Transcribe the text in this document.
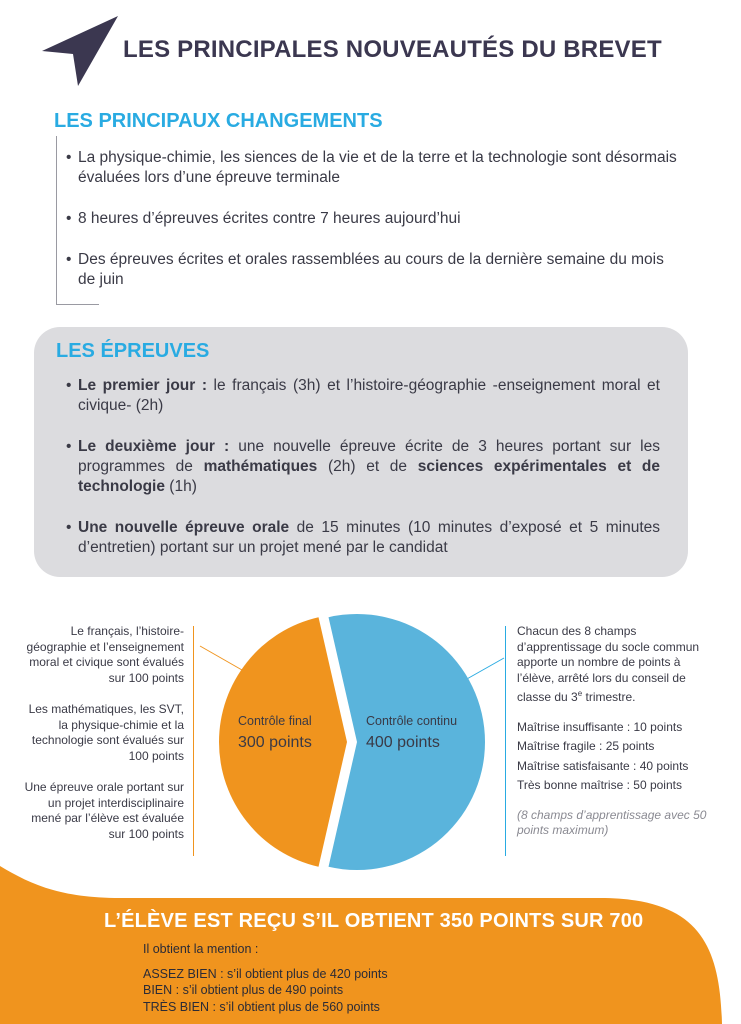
LES PRINCIPALES NOUVEAUTÉS DU BREVET
LES PRINCIPAUX CHANGEMENTS
• La physique-chimie, les siences de la vie et de la terre et la technologie sont désormais évaluées lors d’une épreuve terminale
• 8 heures d’épreuves écrites contre 7 heures aujourd’hui
• Des épreuves écrites et orales rassemblées au cours de la dernière semaine du mois de juin
LES ÉPREUVES
• Le premier jour : le français (3h) et l’histoire-géographie -enseignement moral et civique- (2h)
• Le deuxième jour : une nouvelle épreuve écrite de 3 heures portant sur les programmes de mathématiques (2h) et de sciences expérimentales et de technologie (1h)
• Une nouvelle épreuve orale de 15 minutes (10 minutes d’exposé et 5 minutes d’entretien) portant sur un projet mené par le candidat

Le français, l’histoire-géographie et l’enseignement moral et civique sont évalués sur 100 points

Les mathématiques, les SVT, la physique-chimie et la technologie sont évalués sur 100 points

Une épreuve orale portant sur un projet interdisciplinaire mené par l’élève est évaluée sur 100 points

Contrôle final
300 points
Contrôle continu
400 points

Chacun des 8 champs d’apprentissage du socle commun apporte un nombre de points à l’élève, arrêté lors du conseil de classe du 3e trimestre.

Maîtrise insuffisante : 10 points

Maîtrise fragile : 25 points

Maîtrise satisfaisante : 40 points

Très bonne maîtrise : 50 points

(8 champs d’apprentissage avec 50 points maximum)

L’ÉLÈVE EST REÇU S’IL OBTIENT 350 POINTS SUR 700

Il obtient la mention :

ASSEZ BIEN : s’il obtient plus de 420 points

BIEN : s’il obtient plus de 490 points

TRÈS BIEN : s’il obtient plus de 560 points
